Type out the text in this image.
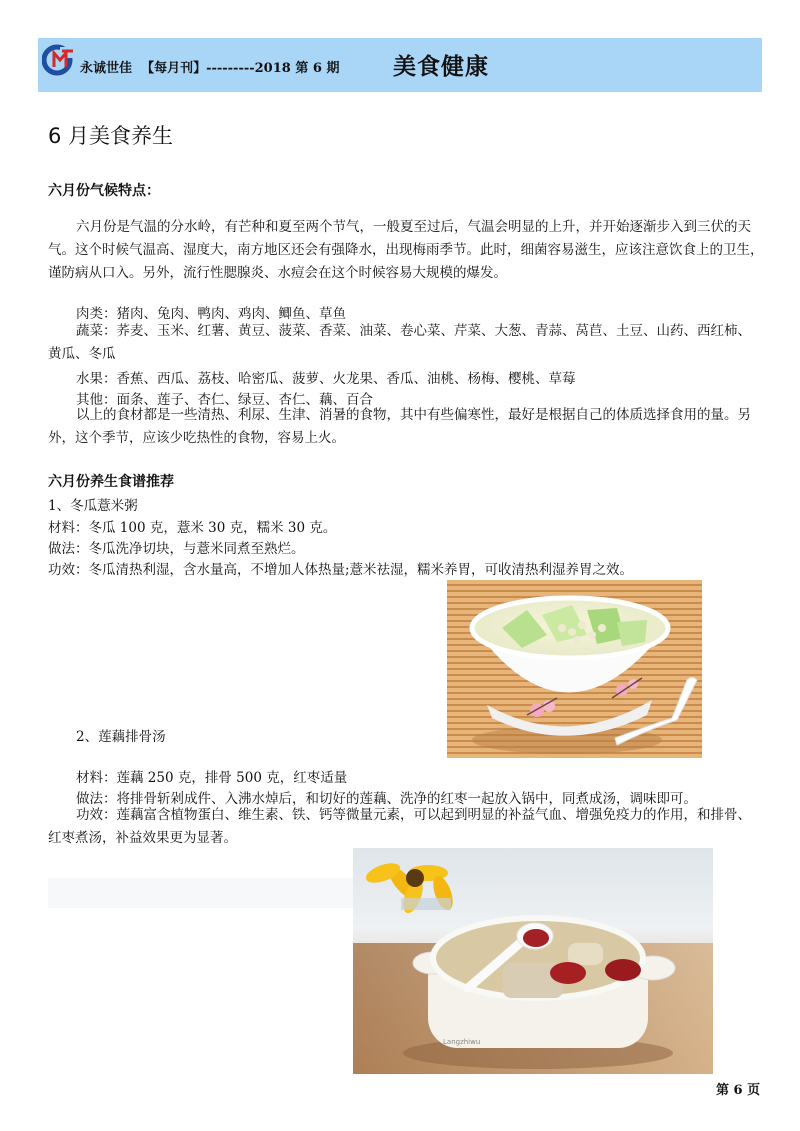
永诚世佳 【每月刊】---------2018 第 6 期 美食健康
6 月美食养生
六月份气候特点：
六月份是气温的分水岭，有芒种和夏至两个节气，一般夏至过后，气温会明显的上升，并开始逐渐步入到三伏的天气。这个时候气温高、湿度大，南方地区还会有强降水，出现梅雨季节。此时，细菌容易滋生，应该注意饮食上的卫生，谨防病从口入。另外，流行性腮腺炎、水痘会在这个时候容易大规模的爆发。
肉类：猪肉、兔肉、鸭肉、鸡肉、鲫鱼、草鱼
蔬菜：荞麦、玉米、红薯、黄豆、菠菜、香菜、油菜、卷心菜、芹菜、大葱、青蒜、莴苣、土豆、山药、西红柿、黄瓜、冬瓜
水果：香蕉、西瓜、荔枝、哈密瓜、菠萝、火龙果、香瓜、油桃、杨梅、樱桃、草莓
其他：面条、莲子、杏仁、绿豆、杏仁、藕、百合
以上的食材都是一些清热、利尿、生津、消暑的食物，其中有些偏寒性，最好是根据自己的体质选择食用的量。另外，这个季节，应该少吃热性的食物，容易上火。
六月份养生食谱推荐
1、冬瓜薏米粥
材料：冬瓜 100 克，薏米 30 克，糯米 30 克。
做法：冬瓜洗净切块，与薏米同煮至熟烂。
功效：冬瓜清热利湿，含水量高，不增加人体热量;薏米祛湿，糯米养胃，可收清热利湿养胃之效。
2、莲藕排骨汤
材料：莲藕 250 克，排骨 500 克，红枣适量
做法：将排骨斩剁成件、入沸水焯后，和切好的莲藕、洗净的红枣一起放入锅中，同煮成汤，调味即可。
功效：莲藕富含植物蛋白、维生素、铁、钙等微量元素，可以起到明显的补益气血、增强免疫力的作用，和排骨、红枣煮汤，补益效果更为显著。
Langzhiwu
第 6 页
